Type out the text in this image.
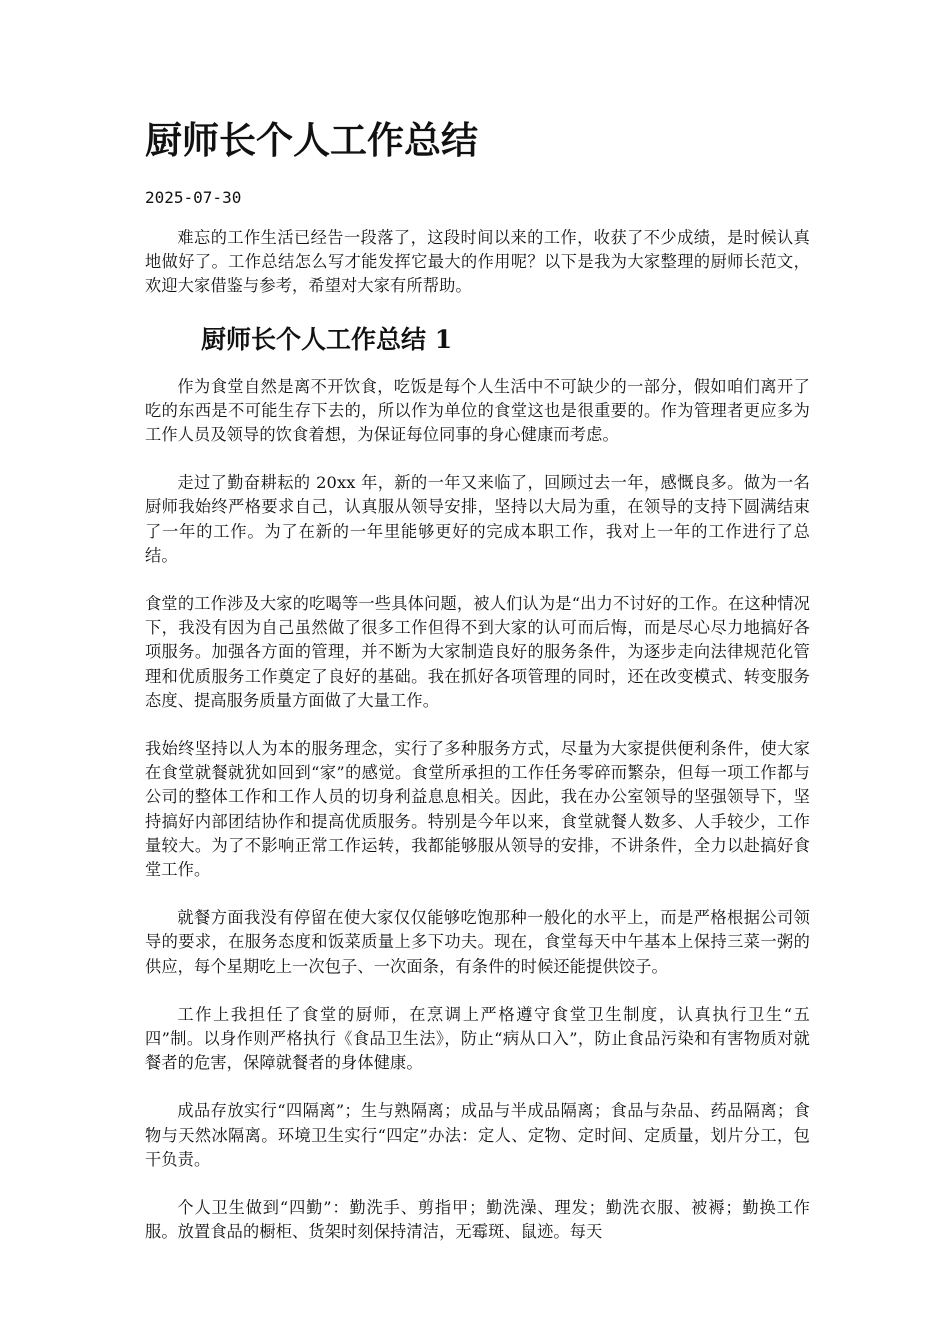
厨师长个人工作总结
2025-07-30

难忘的工作生活已经告一段落了，这段时间以来的工作，收获了不少成绩，是时候认真地做好了。工作总结怎么写才能发挥它最大的作用呢？以下是我为大家整理的厨师长范文，欢迎大家借鉴与参考，希望对大家有所帮助。

厨师长个人工作总结 1

作为食堂自然是离不开饮食，吃饭是每个人生活中不可缺少的一部分，假如咱们离开了吃的东西是不可能生存下去的，所以作为单位的食堂这也是很重要的。作为管理者更应多为工作人员及领导的饮食着想，为保证每位同事的身心健康而考虑。

走过了勤奋耕耘的 20xx 年，新的一年又来临了，回顾过去一年，感慨良多。做为一名厨师我始终严格要求自己，认真服从领导安排，坚持以大局为重，在领导的支持下圆满结束了一年的工作。为了在新的一年里能够更好的完成本职工作，我对上一年的工作进行了总结。

食堂的工作涉及大家的吃喝等一些具体问题，被人们认为是“出力不讨好的工作。在这种情况下，我没有因为自己虽然做了很多工作但得不到大家的认可而后悔，而是尽心尽力地搞好各项服务。加强各方面的管理，并不断为大家制造良好的服务条件，为逐步走向法律规范化管理和优质服务工作奠定了良好的基础。我在抓好各项管理的同时，还在改变模式、转变服务态度、提高服务质量方面做了大量工作。

我始终坚持以人为本的服务理念，实行了多种服务方式，尽量为大家提供便利条件，使大家在食堂就餐就犹如回到“家”的感觉。食堂所承担的工作任务零碎而繁杂，但每一项工作都与公司的整体工作和工作人员的切身利益息息相关。因此，我在办公室领导的坚强领导下，坚持搞好内部团结协作和提高优质服务。特别是今年以来，食堂就餐人数多、人手较少，工作量较大。为了不影响正常工作运转，我都能够服从领导的安排，不讲条件，全力以赴搞好食堂工作。

就餐方面我没有停留在使大家仅仅能够吃饱那种一般化的水平上，而是严格根据公司领导的要求，在服务态度和饭菜质量上多下功夫。现在，食堂每天中午基本上保持三菜一粥的供应，每个星期吃上一次包子、一次面条，有条件的时候还能提供饺子。

工作上我担任了食堂的厨师，在烹调上严格遵守食堂卫生制度，认真执行卫生“五四”制。以身作则严格执行《食品卫生法》，防止“病从口入”，防止食品污染和有害物质对就餐者的危害，保障就餐者的身体健康。

成品存放实行“四隔离”；生与熟隔离；成品与半成品隔离；食品与杂品、药品隔离；食物与天然冰隔离。环境卫生实行“四定”办法：定人、定物、定时间、定质量，划片分工，包干负责。

个人卫生做到“四勤”：勤洗手、剪指甲；勤洗澡、理发；勤洗衣服、被褥；勤换工作服。放置食品的橱柜、货架时刻保持清洁，无霉斑、鼠迹。每天
